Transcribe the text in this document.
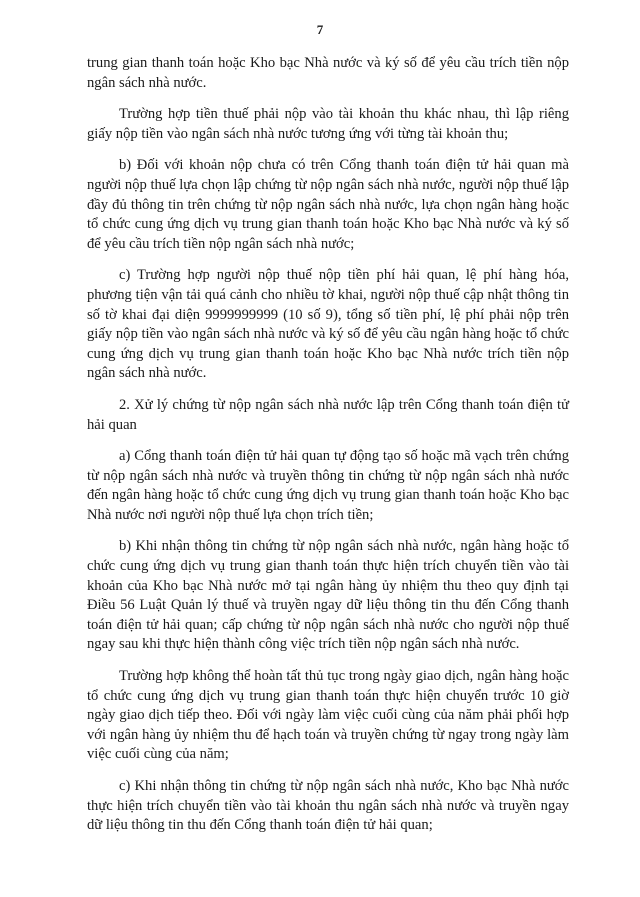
7

trung gian thanh toán hoặc Kho bạc Nhà nước và ký số để yêu cầu trích tiền nộp ngân sách nhà nước.

Trường hợp tiền thuế phải nộp vào tài khoản thu khác nhau, thì lập riêng giấy nộp tiền vào ngân sách nhà nước tương ứng với từng tài khoản thu;

b) Đối với khoản nộp chưa có trên Cổng thanh toán điện tử hải quan mà người nộp thuế lựa chọn lập chứng từ nộp ngân sách nhà nước, người nộp thuế lập đầy đủ thông tin trên chứng từ nộp ngân sách nhà nước, lựa chọn ngân hàng hoặc tổ chức cung ứng dịch vụ trung gian thanh toán hoặc Kho bạc Nhà nước và ký số để yêu cầu trích tiền nộp ngân sách nhà nước;

c) Trường hợp người nộp thuế nộp tiền phí hải quan, lệ phí hàng hóa, phương tiện vận tải quá cảnh cho nhiều tờ khai, người nộp thuế cập nhật thông tin số tờ khai đại diện 9999999999 (10 số 9), tổng số tiền phí, lệ phí phải nộp trên giấy nộp tiền vào ngân sách nhà nước và ký số để yêu cầu ngân hàng hoặc tổ chức cung ứng dịch vụ trung gian thanh toán hoặc Kho bạc Nhà nước trích tiền nộp ngân sách nhà nước.

2. Xử lý chứng từ nộp ngân sách nhà nước lập trên Cổng thanh toán điện tử hải quan

a) Cổng thanh toán điện tử hải quan tự động tạo số hoặc mã vạch trên chứng từ nộp ngân sách nhà nước và truyền thông tin chứng từ nộp ngân sách nhà nước đến ngân hàng hoặc tổ chức cung ứng dịch vụ trung gian thanh toán hoặc Kho bạc Nhà nước nơi người nộp thuế lựa chọn trích tiền;

b) Khi nhận thông tin chứng từ nộp ngân sách nhà nước, ngân hàng hoặc tổ chức cung ứng dịch vụ trung gian thanh toán thực hiện trích chuyển tiền vào tài khoản của Kho bạc Nhà nước mở tại ngân hàng ủy nhiệm thu theo quy định tại Điều 56 Luật Quản lý thuế và truyền ngay dữ liệu thông tin thu đến Cổng thanh toán điện tử hải quan; cấp chứng từ nộp ngân sách nhà nước cho người nộp thuế ngay sau khi thực hiện thành công việc trích tiền nộp ngân sách nhà nước.

Trường hợp không thể hoàn tất thủ tục trong ngày giao dịch, ngân hàng hoặc tổ chức cung ứng dịch vụ trung gian thanh toán thực hiện chuyển trước 10 giờ ngày giao dịch tiếp theo. Đối với ngày làm việc cuối cùng của năm phải phối hợp với ngân hàng ủy nhiệm thu để hạch toán và truyền chứng từ ngay trong ngày làm việc cuối cùng của năm;

c) Khi nhận thông tin chứng từ nộp ngân sách nhà nước, Kho bạc Nhà nước thực hiện trích chuyển tiền vào tài khoản thu ngân sách nhà nước và truyền ngay dữ liệu thông tin thu đến Cổng thanh toán điện tử hải quan;
